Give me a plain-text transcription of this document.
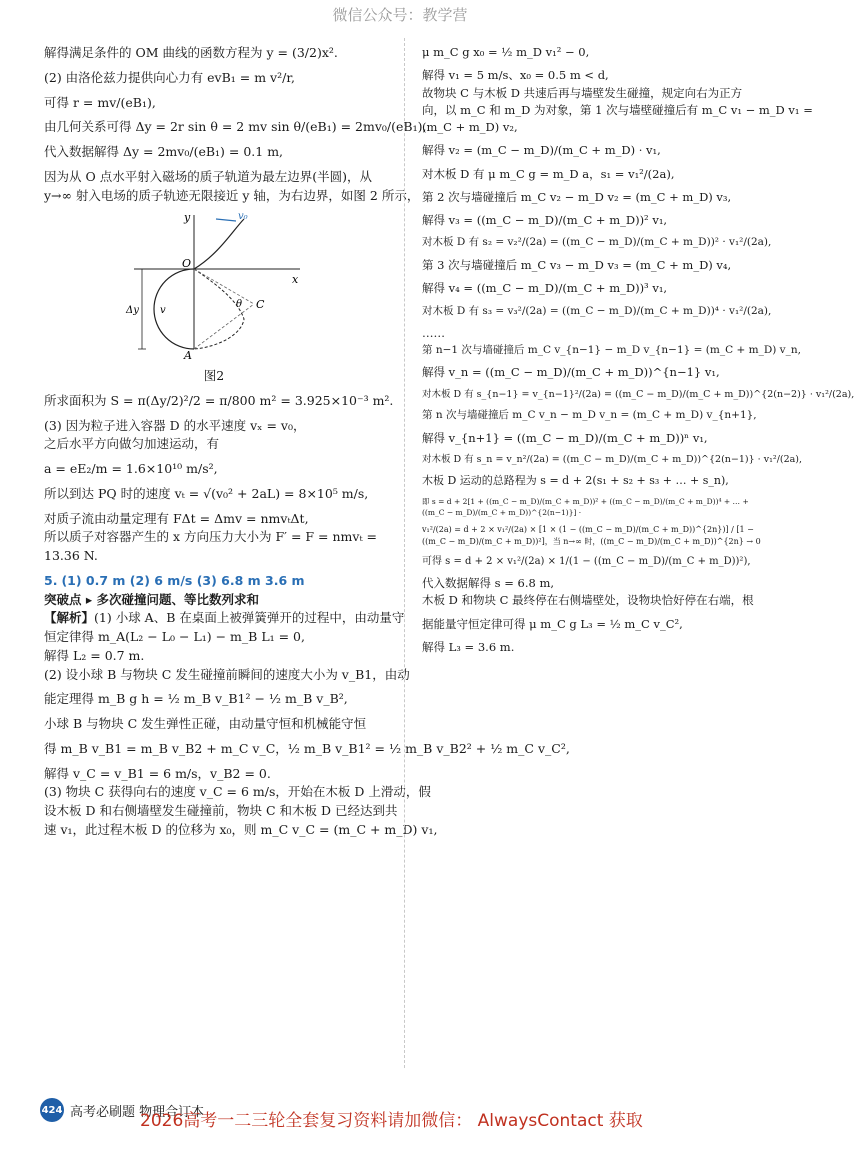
微信公众号：教学营
解得满足条件的 OM 曲线的函数方程为 y = (3/2)x².
(2) 由洛伦兹力提供向心力有 evB₁ = m v²/r,
可得 r = mv/(eB₁),
由几何关系可得 Δy = 2r sin θ = 2 mv sin θ/(eB₁) = 2mv₀/(eB₁),
代入数据解得 Δy = 2mv₀/(eB₁) = 0.1 m,
因为从 O 点水平射入磁场的质子轨道为最左边界(半圆)，从
y→∞ 射入电场的质子轨迹无限接近 y 轴，为右边界，如图 2 所示，
y
x
O
A
C
v₀
v
Δy
θ
图2
所求面积为 S = π(Δy/2)²/2 = π/800 m² = 3.925×10⁻³ m².
(3) 因为粒子进入容器 D 的水平速度 vₓ = v₀，
之后水平方向做匀加速运动，有
a = eE₂/m = 1.6×10¹⁰ m/s²,
所以到达 PQ 时的速度 vₜ = √(v₀² + 2aL) = 8×10⁵ m/s,
对质子流由动量定理有 FΔt = Δmv = nmvₜΔt,
所以质子对容器产生的 x 方向压力大小为 F′ = F = nmvₜ =
13.36 N.
5. (1) 0.7 m (2) 6 m/s (3) 6.8 m 3.6 m
突破点 ▸ 多次碰撞问题、等比数列求和
【解析】(1) 小球 A、B 在桌面上被弹簧弹开的过程中，由动量守
恒定律得 m_A(L₂ − L₀ − L₁) − m_B L₁ = 0,
解得 L₂ = 0.7 m.
(2) 设小球 B 与物块 C 发生碰撞前瞬间的速度大小为 v_B1，由动
能定理得 m_B g h = ½ m_B v_B1² − ½ m_B v_B²,
小球 B 与物块 C 发生弹性正碰，由动量守恒和机械能守恒
得 m_B v_B1 = m_B v_B2 + m_C v_C，½ m_B v_B1² = ½ m_B v_B2² + ½ m_C v_C²,
解得 v_C = v_B1 = 6 m/s，v_B2 = 0.
(3) 物块 C 获得向右的速度 v_C = 6 m/s，开始在木板 D 上滑动，假
设木板 D 和右侧墙壁发生碰撞前，物块 C 和木板 D 已经达到共
速 v₁，此过程木板 D 的位移为 x₀，则 m_C v_C = (m_C + m_D) v₁,
μ m_C g x₀ = ½ m_D v₁² − 0,
解得 v₁ = 5 m/s、x₀ = 0.5 m < d,
故物块 C 与木板 D 共速后再与墙壁发生碰撞，规定向右为正方
向，以 m_C 和 m_D 为对象，第 1 次与墙壁碰撞后有 m_C v₁ − m_D v₁ =
(m_C + m_D) v₂,
解得 v₂ = (m_C − m_D)/(m_C + m_D) · v₁,
对木板 D 有 μ m_C g = m_D a，s₁ = v₁²/(2a),
第 2 次与墙碰撞后 m_C v₂ − m_D v₂ = (m_C + m_D) v₃,
解得 v₃ = ((m_C − m_D)/(m_C + m_D))² v₁,
对木板 D 有 s₂ = v₂²/(2a) = ((m_C − m_D)/(m_C + m_D))² · v₁²/(2a),
第 3 次与墙碰撞后 m_C v₃ − m_D v₃ = (m_C + m_D) v₄,
解得 v₄ = ((m_C − m_D)/(m_C + m_D))³ v₁,
对木板 D 有 s₃ = v₃²/(2a) = ((m_C − m_D)/(m_C + m_D))⁴ · v₁²/(2a),
……
第 n−1 次与墙碰撞后 m_C v_{n−1} − m_D v_{n−1} = (m_C + m_D) v_n,
解得 v_n = ((m_C − m_D)/(m_C + m_D))^{n−1} v₁,
对木板 D 有 s_{n−1} = v_{n−1}²/(2a) = ((m_C − m_D)/(m_C + m_D))^{2(n−2)} · v₁²/(2a),
第 n 次与墙碰撞后 m_C v_n − m_D v_n = (m_C + m_D) v_{n+1},
解得 v_{n+1} = ((m_C − m_D)/(m_C + m_D))ⁿ v₁,
对木板 D 有 s_n = v_n²/(2a) = ((m_C − m_D)/(m_C + m_D))^{2(n−1)} · v₁²/(2a),
木板 D 运动的总路程为 s = d + 2(s₁ + s₂ + s₃ + … + s_n),
即 s = d + 2[1 + ((m_C − m_D)/(m_C + m_D))² + ((m_C − m_D)/(m_C + m_D))⁴ + … + ((m_C − m_D)/(m_C + m_D))^{2(n−1)}] ·
v₁²/(2a) = d + 2 × v₁²/(2a) × [1 × (1 − ((m_C − m_D)/(m_C + m_D))^{2n})] / [1 − ((m_C − m_D)/(m_C + m_D))²]，当 n→∞ 时，((m_C − m_D)/(m_C + m_D))^{2n} → 0
可得 s = d + 2 × v₁²/(2a) × 1/(1 − ((m_C − m_D)/(m_C + m_D))²),
代入数据解得 s = 6.8 m,
木板 D 和物块 C 最终停在右侧墙壁处，设物块恰好停在右端，根
据能量守恒定律可得 μ m_C g L₃ = ½ m_C v_C²,
解得 L₃ = 3.6 m.
424 高考必刷题 物理合订本
2026高考一二三轮全套复习资料请加微信： AlwaysContact 获取
